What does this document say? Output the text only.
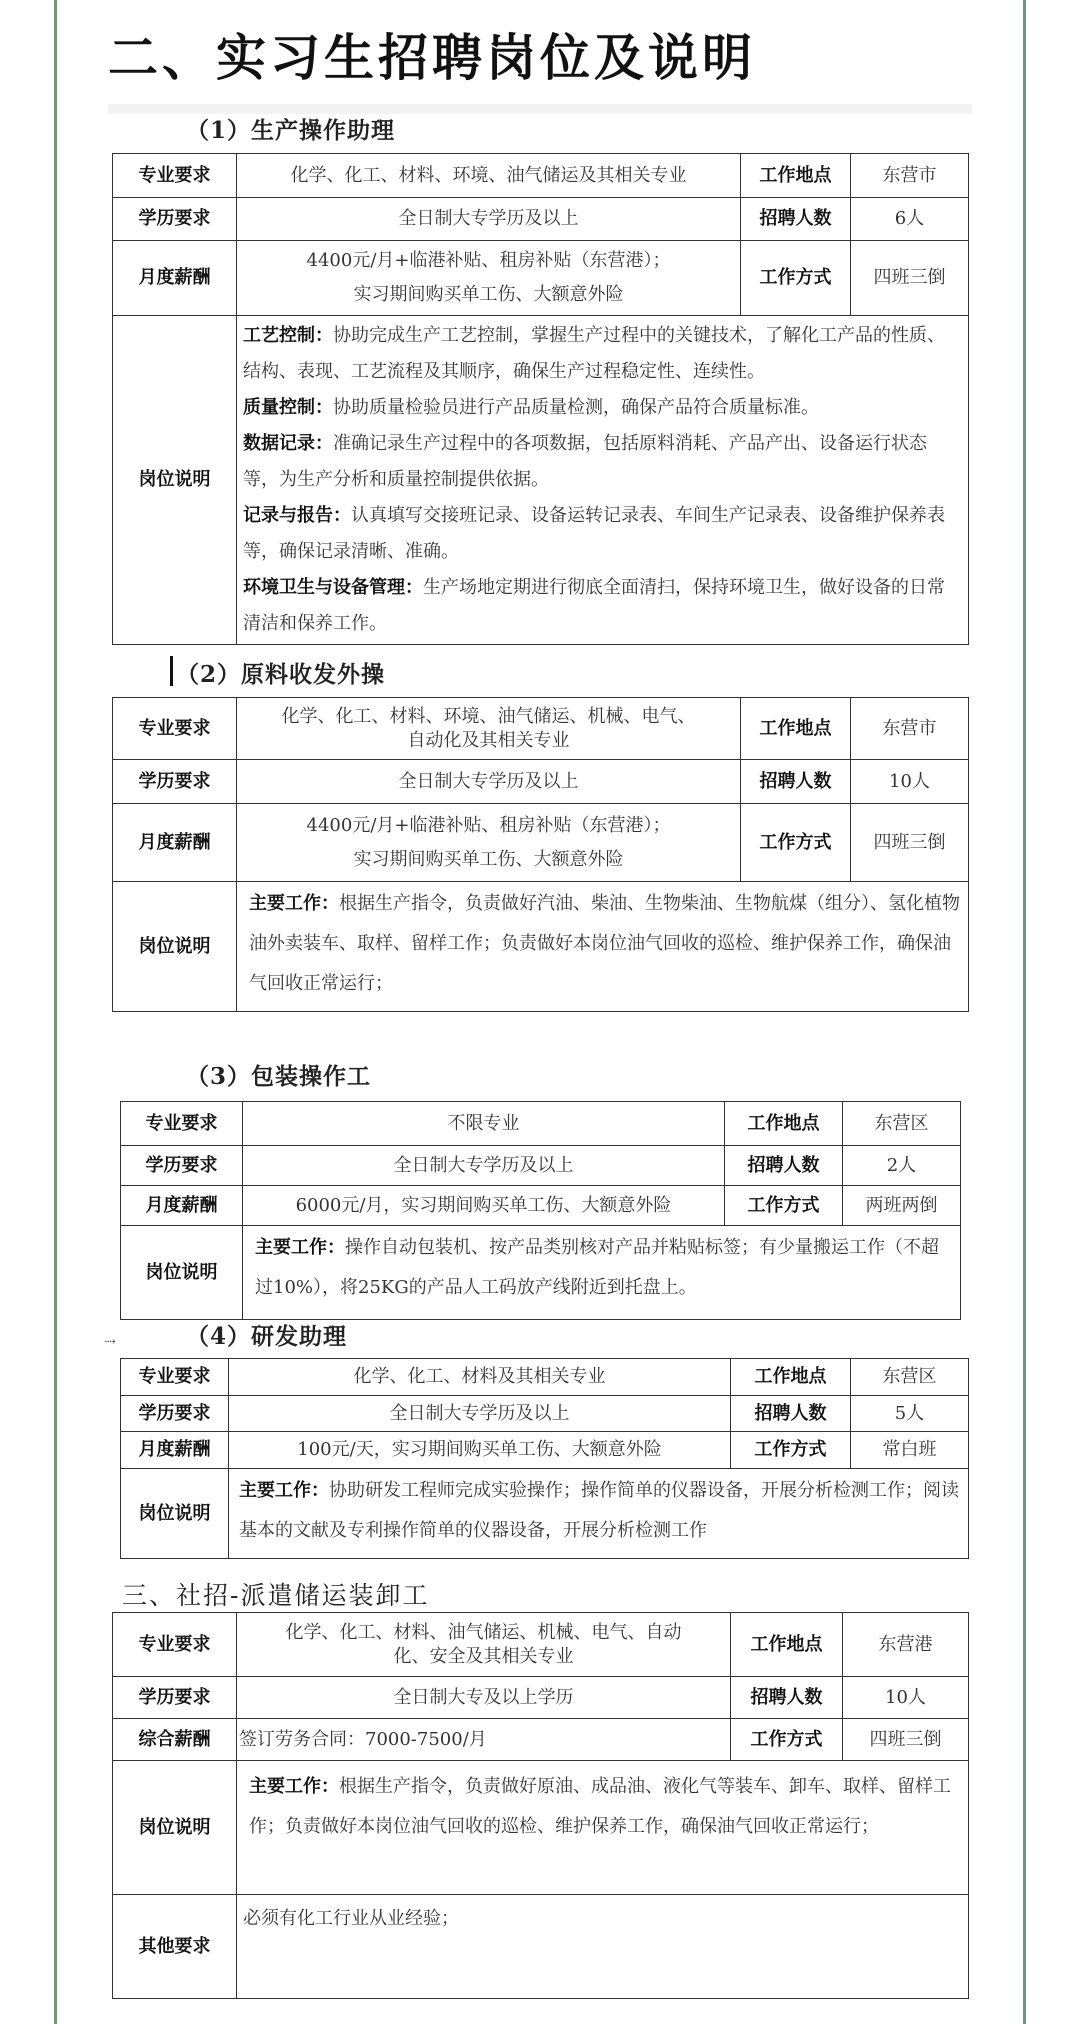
二、实习生招聘岗位及说明
（1）生产操作助理
专业要求	化学、化工、材料、环境、油气储运及其相关专业	工作地点	东营市
学历要求	全日制大专学历及以上	招聘人数	6人
月度薪酬	4400元/月+临港补贴、租房补贴（东营港）；
实习期间购买单工伤、大额意外险	工作方式	四班三倒
岗位说明	工艺控制：协助完成生产工艺控制，掌握生产过程中的关键技术，了解化工产品的性质、结构、表现、工艺流程及其顺序，确保生产过程稳定性、连续性。
质量控制：协助质量检验员进行产品质量检测，确保产品符合质量标准。
数据记录：准确记录生产过程中的各项数据，包括原料消耗、产品产出、设备运行状态等，为生产分析和质量控制提供依据。
记录与报告：认真填写交接班记录、设备运转记录表、车间生产记录表、设备维护保养表等，确保记录清晰、准确。
环境卫生与设备管理：生产场地定期进行彻底全面清扫，保持环境卫生，做好设备的日常清洁和保养工作。		
（2）原料收发外操
专业要求	化学、化工、材料、环境、油气储运、机械、电气、
自动化及其相关专业	工作地点	东营市
学历要求	全日制大专学历及以上	招聘人数	10人
月度薪酬	4400元/月+临港补贴、租房补贴（东营港）；
实习期间购买单工伤、大额意外险	工作方式	四班三倒
岗位说明	主要工作：根据生产指令，负责做好汽油、柴油、生物柴油、生物航煤（组分）、氢化植物 油外卖装车、取样、留样工作；负责做好本岗位油气回收的巡检、维护保养工作，确保油气回收正常运行；		
（3）包装操作工
专业要求	不限专业	工作地点	东营区
学历要求	全日制大专学历及以上	招聘人数	2人
月度薪酬	6000元/月，实习期间购买单工伤、大额意外险	工作方式	两班两倒
岗位说明	主要工作：操作自动包装机、按产品类别核对产品并粘贴标签；有少量搬运工作（不超过10%），将25KG的产品人工码放产线附近到托盘上。		
⇢	（4）研发助理
专业要求	化学、化工、材料及其相关专业	工作地点	东营区
学历要求	全日制大专学历及以上	招聘人数	5人
月度薪酬	100元/天，实习期间购买单工伤、大额意外险	工作方式	常白班
岗位说明	主要工作：协助研发工程师完成实验操作；操作简单的仪器设备，开展分析检测工作；阅读基本的文献及专利操作简单的仪器设备，开展分析检测工作		
三、社招-派遣储运装卸工
专业要求	化学、化工、材料、油气储运、机械、电气、自动
化、安全及其相关专业	工作地点	东营港
学历要求	全日制大专及以上学历	招聘人数	10人
综合薪酬	签订劳务合同：7000-7500/月	工作方式	四班三倒
岗位说明	主要工作：根据生产指令，负责做好原油、成品油、液化气等装车、卸车、取样、留样工作；负责做好本岗位油气回收的巡检、维护保养工作，确保油气回收正常运行；		
其他要求	必须有化工行业从业经验；		
